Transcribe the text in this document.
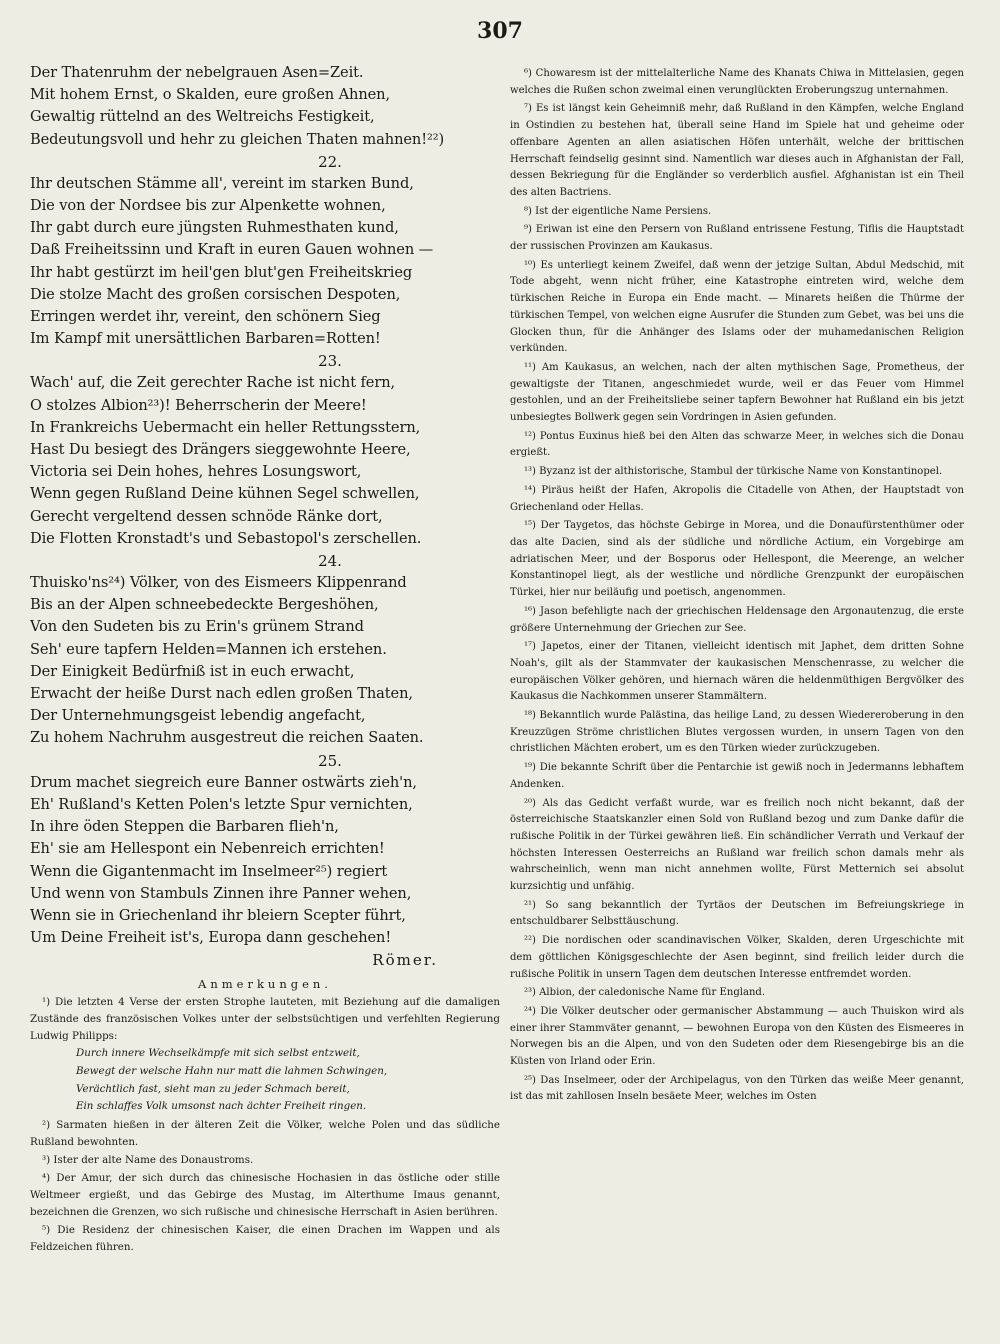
307
Der Thatenruhm der nebelgrauen Asen=Zeit.
Mit hohem Ernst, o Skalden, eure großen Ahnen,
Gewaltig rüttelnd an des Weltreichs Festigkeit,
Bedeutungsvoll und hehr zu gleichen Thaten mahnen!²²)
22.
Ihr deutschen Stämme all', vereint im starken Bund,
Die von der Nordsee bis zur Alpenkette wohnen,
Ihr gabt durch eure jüngsten Ruhmesthaten kund,
Daß Freiheitssinn und Kraft in euren Gauen wohnen —
Ihr habt gestürzt im heil'gen blut'gen Freiheitskrieg
Die stolze Macht des großen corsischen Despoten,
Erringen werdet ihr, vereint, den schönern Sieg
Im Kampf mit unersättlichen Barbaren=Rotten!
23.
Wach' auf, die Zeit gerechter Rache ist nicht fern,
O stolzes Albion²³)! Beherrscherin der Meere!
In Frankreichs Uebermacht ein heller Rettungsstern,
Hast Du besiegt des Drängers sieggewohnte Heere,
Victoria sei Dein hohes, hehres Losungswort,
Wenn gegen Rußland Deine kühnen Segel schwellen,
Gerecht vergeltend dessen schnöde Ränke dort,
Die Flotten Kronstadt's und Sebastopol's zerschellen.
24.
Thuisko'ns²⁴) Völker, von des Eismeers Klippenrand
Bis an der Alpen schneebedeckte Bergeshöhen,
Von den Sudeten bis zu Erin's grünem Strand
Seh' eure tapfern Helden=Mannen ich erstehen.
Der Einigkeit Bedürfniß ist in euch erwacht,
Erwacht der heiße Durst nach edlen großen Thaten,
Der Unternehmungsgeist lebendig angefacht,
Zu hohem Nachruhm ausgestreut die reichen Saaten.
25.
Drum machet siegreich eure Banner ostwärts zieh'n,
Eh' Rußland's Ketten Polen's letzte Spur vernichten,
In ihre öden Steppen die Barbaren flieh'n,
Eh' sie am Hellespont ein Nebenreich errichten!
Wenn die Gigantenmacht im Inselmeer²⁵) regiert
Und wenn von Stambuls Zinnen ihre Panner wehen,
Wenn sie in Griechenland ihr bleiern Scepter führt,
Um Deine Freiheit ist's, Europa dann geschehen!
Römer.
Anmerkungen.
¹) Die letzten 4 Verse der ersten Strophe lauteten, mit Beziehung auf die damaligen Zustände des französischen Volkes unter der selbstsüchtigen und verfehlten Regierung Ludwig Philipps:
Durch innere Wechselkämpfe mit sich selbst entzweit,
Bewegt der welsche Hahn nur matt die lahmen Schwingen,
Verächtlich fast, sieht man zu jeder Schmach bereit,
Ein schlaffes Volk umsonst nach ächter Freiheit ringen.
²) Sarmaten hießen in der älteren Zeit die Völker, welche Polen und das südliche Rußland bewohnten.
³) Ister der alte Name des Donaustroms.
⁴) Der Amur, der sich durch das chinesische Hochasien in das östliche oder stille Weltmeer ergießt, und das Gebirge des Mustag, im Alterthume Imaus genannt, bezeichnen die Grenzen, wo sich rußische und chinesische Herrschaft in Asien berühren.
⁵) Die Residenz der chinesischen Kaiser, die einen Drachen im Wappen und als Feldzeichen führen.
⁶) Chowaresm ist der mittelalterliche Name des Khanats Chiwa in Mittelasien, gegen welches die Rußen schon zweimal einen verunglückten Eroberungszug unternahmen.
⁷) Es ist längst kein Geheimniß mehr, daß Rußland in den Kämpfen, welche England in Ostindien zu bestehen hat, überall seine Hand im Spiele hat und geheime oder offenbare Agenten an allen asiatischen Höfen unterhält, welche der brittischen Herrschaft feindselig gesinnt sind. Namentlich war dieses auch in Afghanistan der Fall, dessen Bekriegung für die Engländer so verderblich ausfiel. Afghanistan ist ein Theil des alten Bactriens.
⁸) Ist der eigentliche Name Persiens.
⁹) Eriwan ist eine den Persern von Rußland entrissene Festung, Tiflis die Hauptstadt der russischen Provinzen am Kaukasus.
¹⁰) Es unterliegt keinem Zweifel, daß wenn der jetzige Sultan, Abdul Medschid, mit Tode abgeht, wenn nicht früher, eine Katastrophe eintreten wird, welche dem türkischen Reiche in Europa ein Ende macht. — Minarets heißen die Thürme der türkischen Tempel, von welchen eigne Ausrufer die Stunden zum Gebet, was bei uns die Glocken thun, für die Anhänger des Islams oder der muhamedanischen Religion verkünden.
¹¹) Am Kaukasus, an welchen, nach der alten mythischen Sage, Prometheus, der gewaltigste der Titanen, angeschmiedet wurde, weil er das Feuer vom Himmel gestohlen, und an der Freiheitsliebe seiner tapfern Bewohner hat Rußland ein bis jetzt unbesiegtes Bollwerk gegen sein Vordringen in Asien gefunden.
¹²) Pontus Euxinus hieß bei den Alten das schwarze Meer, in welches sich die Donau ergießt.
¹³) Byzanz ist der althistorische, Stambul der türkische Name von Konstantinopel.
¹⁴) Piräus heißt der Hafen, Akropolis die Citadelle von Athen, der Hauptstadt von Griechenland oder Hellas.
¹⁵) Der Taygetos, das höchste Gebirge in Morea, und die Donaufürstenthümer oder das alte Dacien, sind als der südliche und nördliche Actium, ein Vorgebirge am adriatischen Meer, und der Bosporus oder Hellespont, die Meerenge, an welcher Konstantinopel liegt, als der westliche und nördliche Grenzpunkt der europäischen Türkei, hier nur beiläufig und poetisch, angenommen.
¹⁶) Jason befehligte nach der griechischen Heldensage den Argonautenzug, die erste größere Unternehmung der Griechen zur See.
¹⁷) Japetos, einer der Titanen, vielleicht identisch mit Japhet, dem dritten Sohne Noah's, gilt als der Stammvater der kaukasischen Menschenrasse, zu welcher die europäischen Völker gehören, und hiernach wären die heldenmüthigen Bergvölker des Kaukasus die Nachkommen unserer Stammältern.
¹⁸) Bekanntlich wurde Palästina, das heilige Land, zu dessen Wiedereroberung in den Kreuzzügen Ströme christlichen Blutes vergossen wurden, in unsern Tagen von den christlichen Mächten erobert, um es den Türken wieder zurückzugeben.
¹⁹) Die bekannte Schrift über die Pentarchie ist gewiß noch in Jedermanns lebhaftem Andenken.
²⁰) Als das Gedicht verfaßt wurde, war es freilich noch nicht bekannt, daß der österreichische Staatskanzler einen Sold von Rußland bezog und zum Danke dafür die rußische Politik in der Türkei gewähren ließ. Ein schändlicher Verrath und Verkauf der höchsten Interessen Oesterreichs an Rußland war freilich schon damals mehr als wahrscheinlich, wenn man nicht annehmen wollte, Fürst Metternich sei absolut kurzsichtig und unfähig.
²¹) So sang bekanntlich der Tyrtäos der Deutschen im Befreiungskriege in entschuldbarer Selbsttäuschung.
²²) Die nordischen oder scandinavischen Völker, Skalden, deren Urgeschichte mit dem göttlichen Königsgeschlechte der Asen beginnt, sind freilich leider durch die rußische Politik in unsern Tagen dem deutschen Interesse entfremdet worden.
²³) Albion, der caledonische Name für England.
²⁴) Die Völker deutscher oder germanischer Abstammung — auch Thuiskon wird als einer ihrer Stammväter genannt, — bewohnen Europa von den Küsten des Eismeeres in Norwegen bis an die Alpen, und von den Sudeten oder dem Riesengebirge bis an die Küsten von Irland oder Erin.
²⁵) Das Inselmeer, oder der Archipelagus, von den Türken das weiße Meer genannt, ist das mit zahllosen Inseln besäete Meer, welches im Osten
